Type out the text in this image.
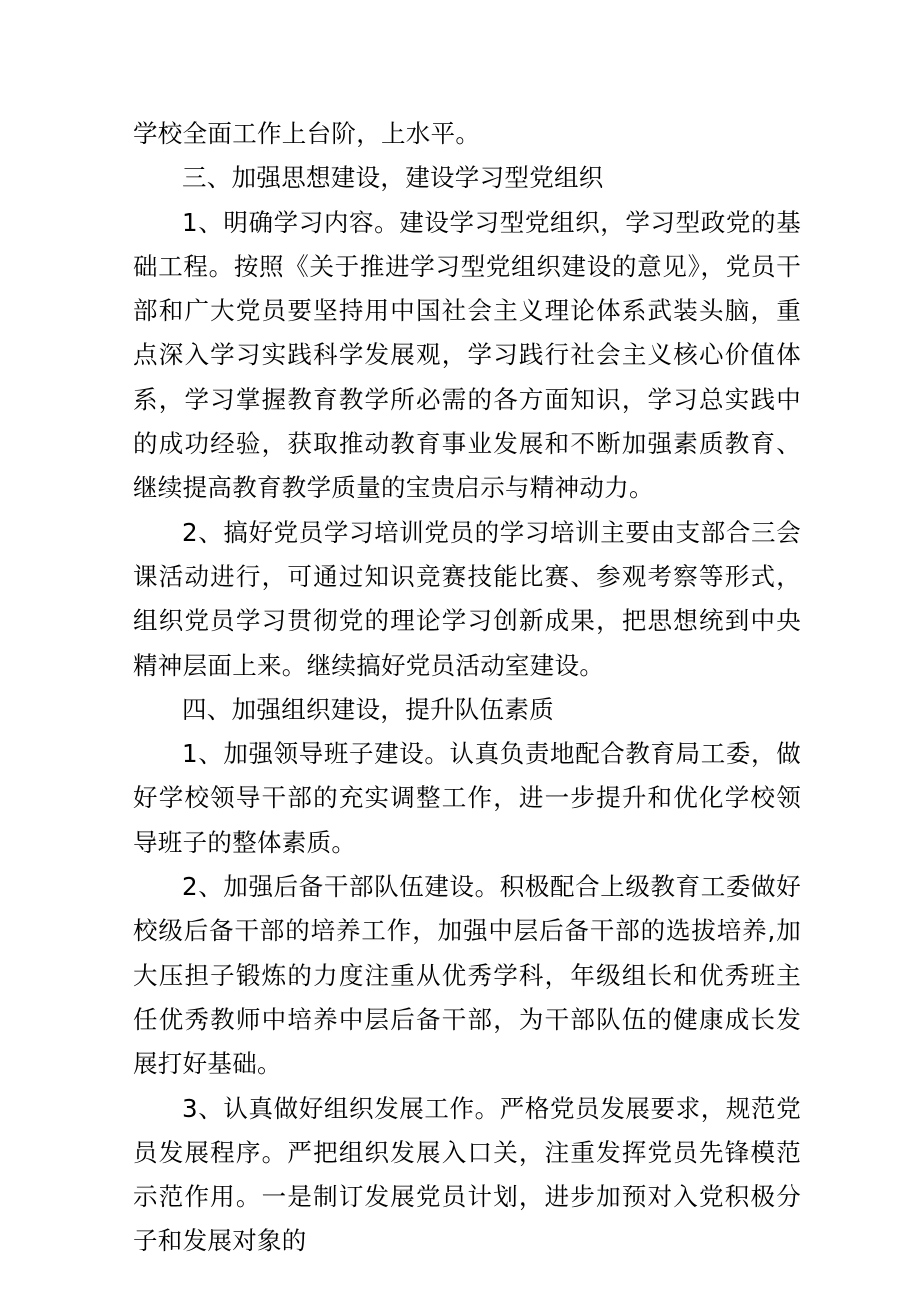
学校全面工作上台阶，上水平。

三、加强思想建设，建设学习型党组织

1、明确学习内容。建设学习型党组织，学习型政党的基础工程。按照《关于推进学习型党组织建设的意见》，党员干部和广大党员要坚持用中国社会主义理论体系武装头脑，重点深入学习实践科学发展观，学习践行社会主义核心价值体系，学习掌握教育教学所必需的各方面知识，学习总实践中的成功经验，获取推动教育事业发展和不断加强素质教育、继续提高教育教学质量的宝贵启示与精神动力。

2、搞好党员学习培训党员的学习培训主要由支部合三会课活动进行，可通过知识竞赛技能比赛、参观考察等形式，组织党员学习贯彻党的理论学习创新成果，把思想统到中央精神层面上来。继续搞好党员活动室建设。

四、加强组织建设，提升队伍素质

1、加强领导班子建设。认真负责地配合教育局工委，做好学校领导干部的充实调整工作，进一步提升和优化学校领导班子的整体素质。

2、加强后备干部队伍建设。积极配合上级教育工委做好校级后备干部的培养工作，加强中层后备干部的选拔培养,加大压担子锻炼的力度注重从优秀学科，年级组长和优秀班主任优秀教师中培养中层后备干部，为干部队伍的健康成长发展打好基础。

3、认真做好组织发展工作。严格党员发展要求，规范党员发展程序。严把组织发展入口关，注重发挥党员先锋模范示范作用。一是制订发展党员计划，进步加预对入党积极分子和发展对象的
